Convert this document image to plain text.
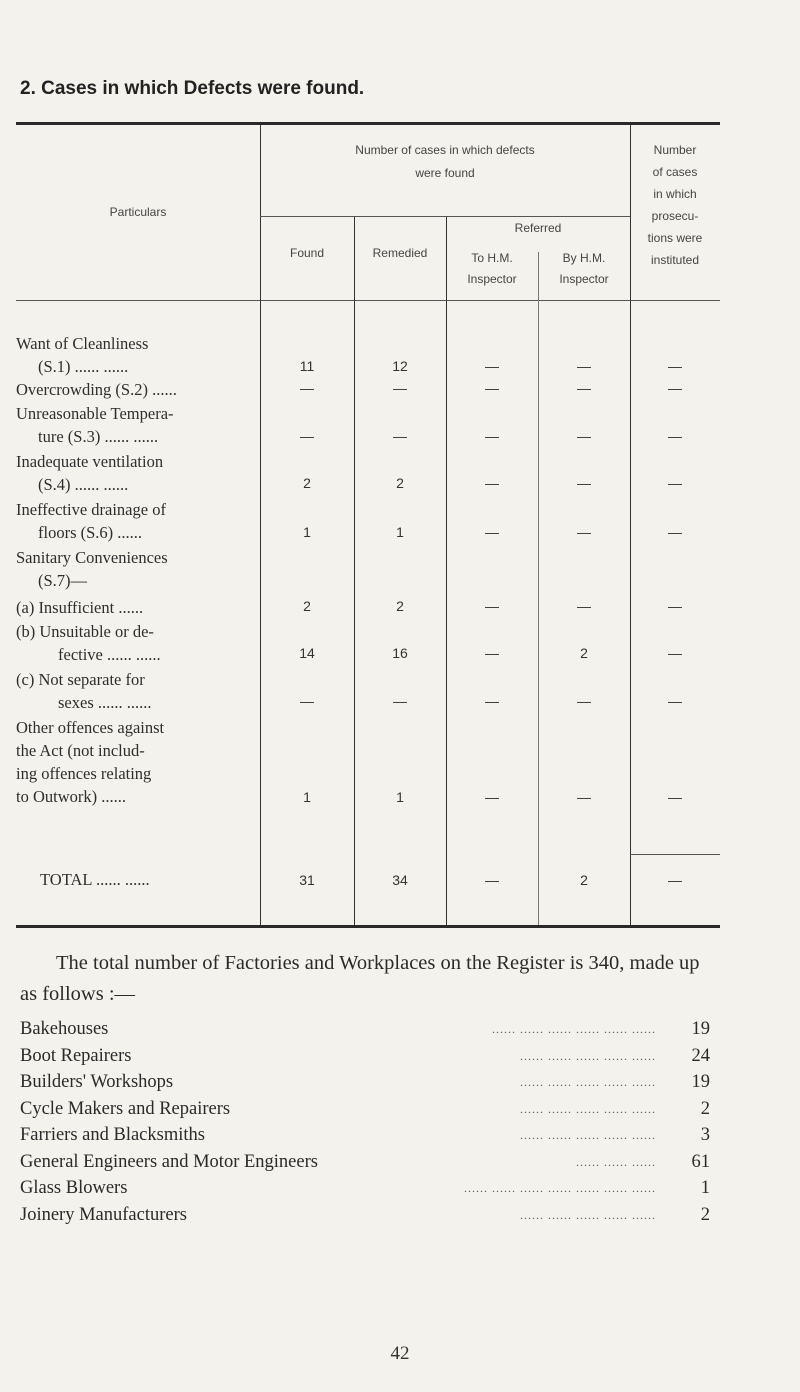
2. Cases in which Defects were found.
Particulars
Number of cases in which defects
were found
Found	Remedied
Referred
To H.M.
Inspector
By H.M.
Inspector
Number
of cases
in which
prosecu-
tions were
instituted
Want of Cleanliness
(S.1) ...... ......	11	12	—	—	—
Overcrowding (S.2) ......	—	—	—	—	—
Unreasonable Tempera-
ture (S.3) ...... ......	—	—	—	—	—
Inadequate ventilation
(S.4) ...... ......	2	2	—	—	—
Ineffective drainage of
floors (S.6) ......	1	1	—	—	—
Sanitary Conveniences
(S.7)—
(a) Insufficient ......	2	2	—	—	—
(b) Unsuitable or de-
fective ...... ......	14	16	—	2	—
(c) Not separate for
sexes ...... ......	—	—	—	—	—
Other offences against
the Act (not includ-
ing offences relating
to Outwork) ......	1	1	—	—	—
TOTAL ...... ......	31	34	—	2	—
The total number of Factories and Workplaces on the Register is 340, made up as follows :—
Bakehouses	...... ...... ...... ...... ...... ...... 19
Boot Repairers	...... ...... ...... ...... ...... 24
Builders' Workshops	...... ...... ...... ...... ...... 19
Cycle Makers and Repairers	...... ...... ...... ...... ...... 2
Farriers and Blacksmiths	...... ...... ...... ...... ...... 3
General Engineers and Motor Engineers	...... ...... ...... 61
Glass Blowers	...... ...... ...... ...... ...... ...... ...... 1
Joinery Manufacturers	...... ...... ...... ...... ...... 2
42
